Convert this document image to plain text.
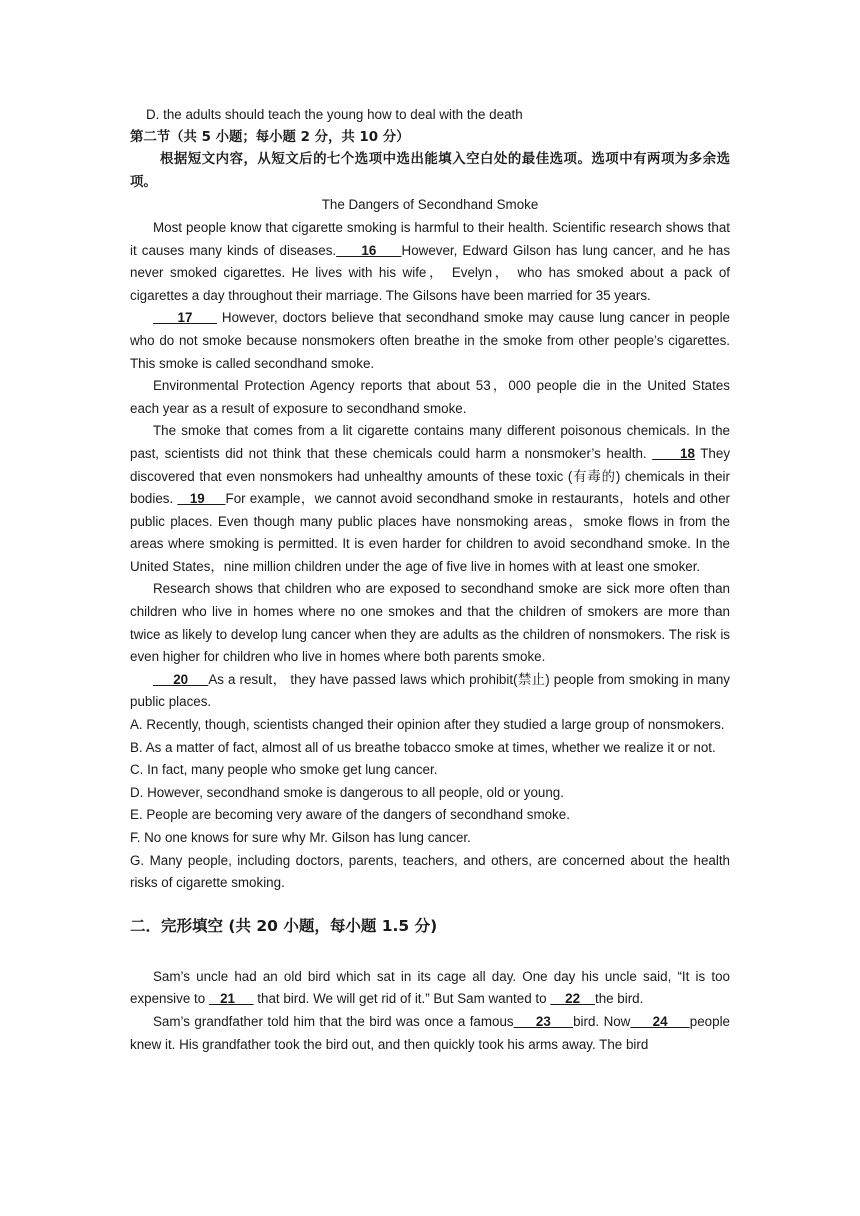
D. the adults should teach the young how to deal with the death

第二节（共 5 小题；每小题 2 分，共 10 分）

根据短文内容，从短文后的七个选项中选出能填入空白处的最佳选项。选项中有两项为多余选项。

The Dangers of Secondhand Smoke

Most people know that cigarette smoking is harmful to their health. Scientific research shows that it causes many kinds of diseases.     16     However, Edward Gilson has lung cancer, and he has never smoked cigarettes. He lives with his wife， Evelyn， who has smoked about a pack of cigarettes a day throughout their marriage. The Gilsons have been married for 35 years.

17      However, doctors believe that secondhand smoke may cause lung cancer in people who do not smoke because nonsmokers often breathe in the smoke from other people’s cigarettes. This smoke is called secondhand smoke.

Environmental Protection Agency reports that about 53，000 people die in the United States each year as a result of exposure to secondhand smoke.

The smoke that comes from a lit cigarette contains many different poisonous chemicals. In the past, scientists did not think that these chemicals could harm a nonsmoker’s health.      18 They discovered that even nonsmokers had unhealthy amounts of these toxic (有毒的) chemicals in their bodies.    19     For example，we cannot avoid secondhand smoke in restaurants，hotels and other public places. Even though many public places have nonsmoking areas，smoke flows in from the areas where smoking is permitted. It is even harder for children to avoid secondhand smoke. In the United States，nine million children under the age of five live in homes with at least one smoker.

Research shows that children who are exposed to secondhand smoke are sick more often than children who live in homes where no one smokes and that the children of smokers are more than twice as likely to develop lung cancer when they are adults as the children of nonsmokers. The risk is even higher for children who live in homes where both parents smoke.

20     As a result， they have passed laws which prohibit(禁止) people from smoking in many public places.

A. Recently, though, scientists changed their opinion after they studied a large group of nonsmokers.

B. As a matter of fact, almost all of us breathe tobacco smoke at times, whether we realize it or not.

C. In fact, many people who smoke get lung cancer.

D. However, secondhand smoke is dangerous to all people, old or young.

E. People are becoming very aware of the dangers of secondhand smoke.

F. No one knows for sure why Mr. Gilson has lung cancer.

G. Many people, including doctors, parents, teachers, and others, are concerned about the health risks of cigarette smoking.

二．完形填空 (共 20 小题，每小题 1.5 分)

Sam’s uncle had an old bird which sat in its cage all day. One day his uncle said, “It is too expensive to    21      that bird. We will get rid of it.” But Sam wanted to     22    the bird.

Sam’s grandfather told him that the bird was once a famous     23     bird. Now     24     people knew it. His grandfather took the bird out, and then quickly took his arms away. The bird
